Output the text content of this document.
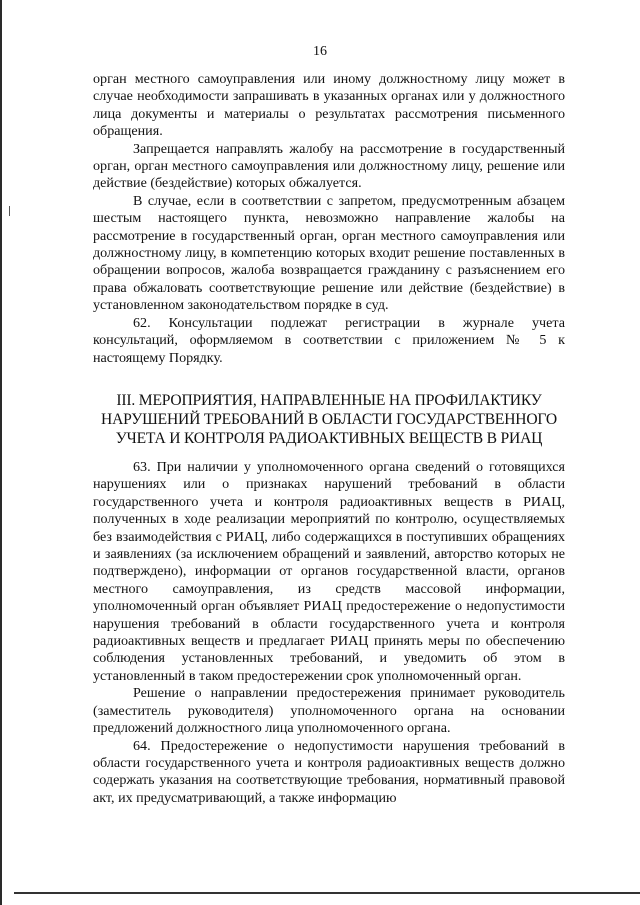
16

орган местного самоуправления или иному должностному лицу может в случае необходимости запрашивать в указанных органах или у должностного лица документы и материалы о результатах рассмотрения письменного обращения.

Запрещается направлять жалобу на рассмотрение в государственный орган, орган местного самоуправления или должностному лицу, решение или действие (бездействие) которых обжалуется.

В случае, если в соответствии с запретом, предусмотренным абзацем шестым настоящего пункта, невозможно направление жалобы на рассмотрение в государственный орган, орган местного самоуправления или должностному лицу, в компетенцию которых входит решение поставленных в обращении вопросов, жалоба возвращается гражданину с разъяснением его права обжаловать соответствующие решение или действие (бездействие) в установленном законодательством порядке в суд.

62. Консультации подлежат регистрации в журнале учета консультаций, оформляемом в соответствии с приложением № 5 к настоящему Порядку.

III. МЕРОПРИЯТИЯ, НАПРАВЛЕННЫЕ НА ПРОФИЛАКТИКУ НАРУШЕНИЙ ТРЕБОВАНИЙ В ОБЛАСТИ ГОСУДАРСТВЕННОГО УЧЕТА И КОНТРОЛЯ РАДИОАКТИВНЫХ ВЕЩЕСТВ В РИАЦ

63. При наличии у уполномоченного органа сведений о готовящихся нарушениях или о признаках нарушений требований в области государственного учета и контроля радиоактивных веществ в РИАЦ, полученных в ходе реализации мероприятий по контролю, осуществляемых без взаимодействия с РИАЦ, либо содержащихся в поступивших обращениях и заявлениях (за исключением обращений и заявлений, авторство которых не подтверждено), информации от органов государственной власти, органов местного самоуправления, из средств массовой информации, уполномоченный орган объявляет РИАЦ предостережение о недопустимости нарушения требований в области государственного учета и контроля радиоактивных веществ и предлагает РИАЦ принять меры по обеспечению соблюдения установленных требований, и уведомить об этом в установленный в таком предостережении срок уполномоченный орган.

Решение о направлении предостережения принимает руководитель (заместитель руководителя) уполномоченного органа на основании предложений должностного лица уполномоченного органа.

64. Предостережение о недопустимости нарушения требований в области государственного учета и контроля радиоактивных веществ должно содержать указания на соответствующие требования, нормативный правовой акт, их предусматривающий, а также информацию
